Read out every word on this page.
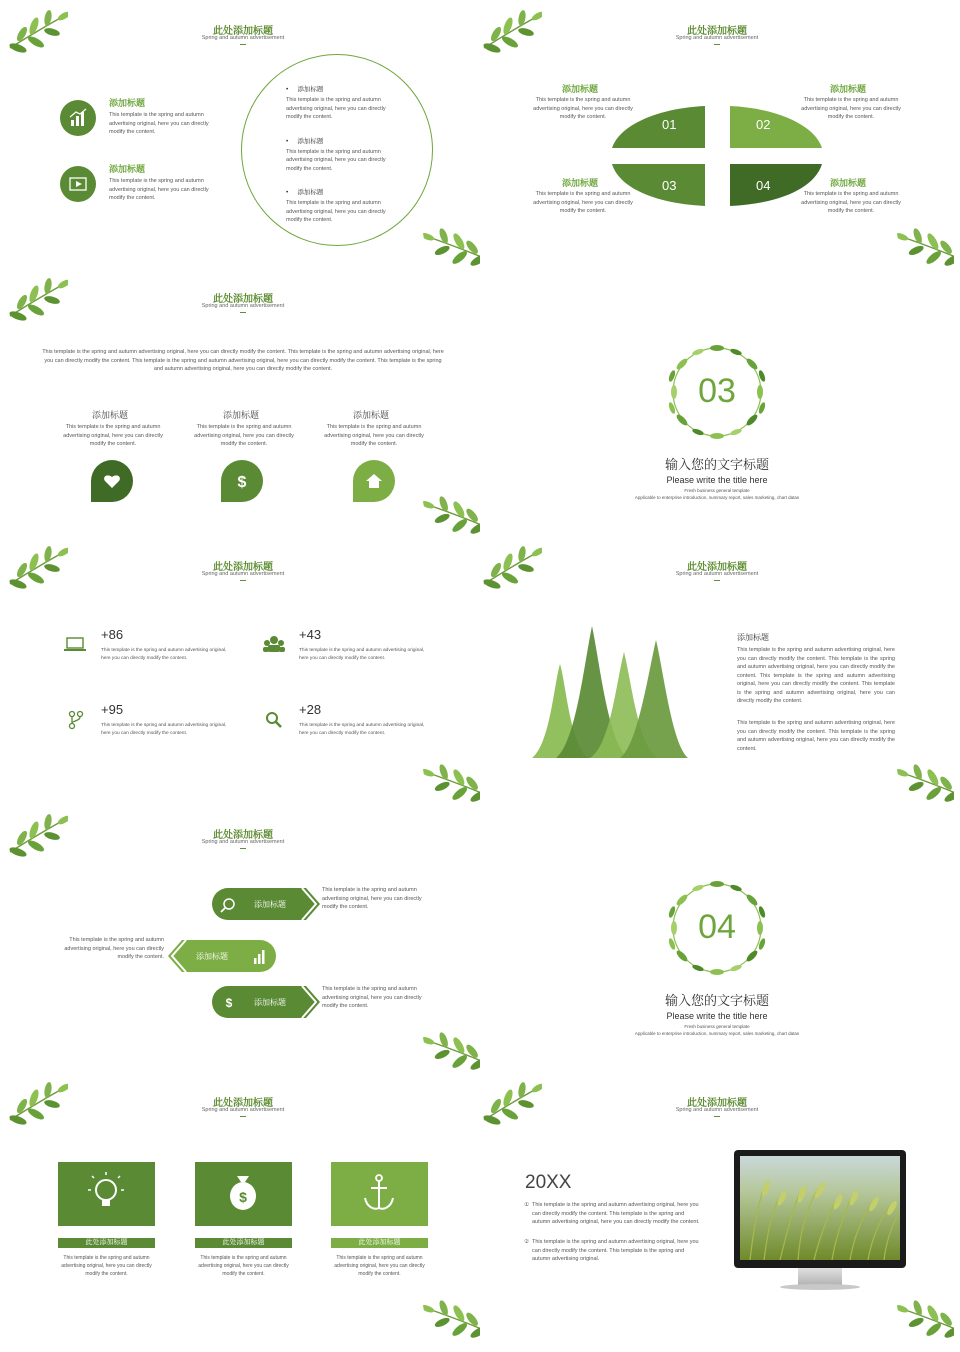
此处添加标题
Spring and autumn advertisement
添加标题
This template is the spring and autumn advertising original, here you can directly modify the content.
添加标题
This template is the spring and autumn advertising original, here you can directly modify the content.
•     添加标题
This template is the spring and autumn advertising original, here you can directly modify the content.
•     添加标题
This template is the spring and autumn advertising original, here you can directly modify the content.
•     添加标题
This template is the spring and autumn advertising original, here you can directly modify the content.
此处添加标题
Spring and autumn advertisement
添加标题
This template is the spring and autumn advertising original, here you can directly modify the content.
添加标题
This template is the spring and autumn advertising original, here you can directly modify the content.
添加标题
This template is the spring and autumn advertising original, here you can directly modify the content.
添加标题
This template is the spring and autumn advertising original, here you can directly modify the content.
01	02
03	04
此处添加标题
Spring and autumn advertisement
This template is the spring and autumn advertising original, here you can directly modify the content. This template is the spring and autumn advertising original, here you can directly modify the content. This template is the spring and autumn advertising original, here you can directly modify the content. This template is the spring and autumn advertising original, here you can directly modify the content.
添加标题
This template is the spring and autumn advertising original, here you can directly modify the content.
添加标题
This template is the spring and autumn advertising original, here you can directly modify the content.
$
添加标题
This template is the spring and autumn advertising original, here you can directly modify the content.
03
输入您的文字标题
Please write the title here
Fresh business general template
Applicable to enterprise introduction, summary report, sales marketing, chart datas
此处添加标题
Spring and autumn advertisement
+86
This template is the spring and autumn advertising original, here you can directly modify the content.
+43
This template is the spring and autumn advertising original, here you can directly modify the content.
+95
This template is the spring and autumn advertising original, here you can directly modify the content.
+28
This template is the spring and autumn advertising original, here you can directly modify the content.
此处添加标题
Spring and autumn advertisement
添加标题
This template is the spring and autumn advertising original, here you can directly modify the content. This template is the spring and autumn advertising original, here you can directly modify the content. This template is the spring and autumn advertising original, here you can directly modify the content. This template is the spring and autumn advertising original, here you can directly modify the content.
This template is the spring and autumn advertising original, here you can directly modify the content. This template is the spring and autumn advertising original, here you can directly modify the content.
此处添加标题
Spring and autumn advertisement
添加标题
This template is the spring and autumn advertising original, here you can directly modify the content.
添加标题
This template is the spring and autumn advertising original, here you can directly modify the content.
$	添加标题
This template is the spring and autumn advertising original, here you can directly modify the content.
04
输入您的文字标题
Please write the title here
Fresh business general template
Applicable to enterprise introduction, summary report, sales marketing, chart datas
此处添加标题
Spring and autumn advertisement
此处添加标题
This template is the spring and autumn advertising original, here you can directly modify the content.
$
此处添加标题
This template is the spring and autumn advertising original, here you can directly modify the content.
此处添加标题
This template is the spring and autumn advertising original, here you can directly modify the content.
此处添加标题
Spring and autumn advertisement
20XX
① This template is the spring and autumn advertising original, here you can directly modify the content. This template is the spring and autumn advertising original, here you can directly modify the content.
② This template is the spring and autumn advertising original, here you can directly modify the content. This template is the spring and autumn advertising original.
